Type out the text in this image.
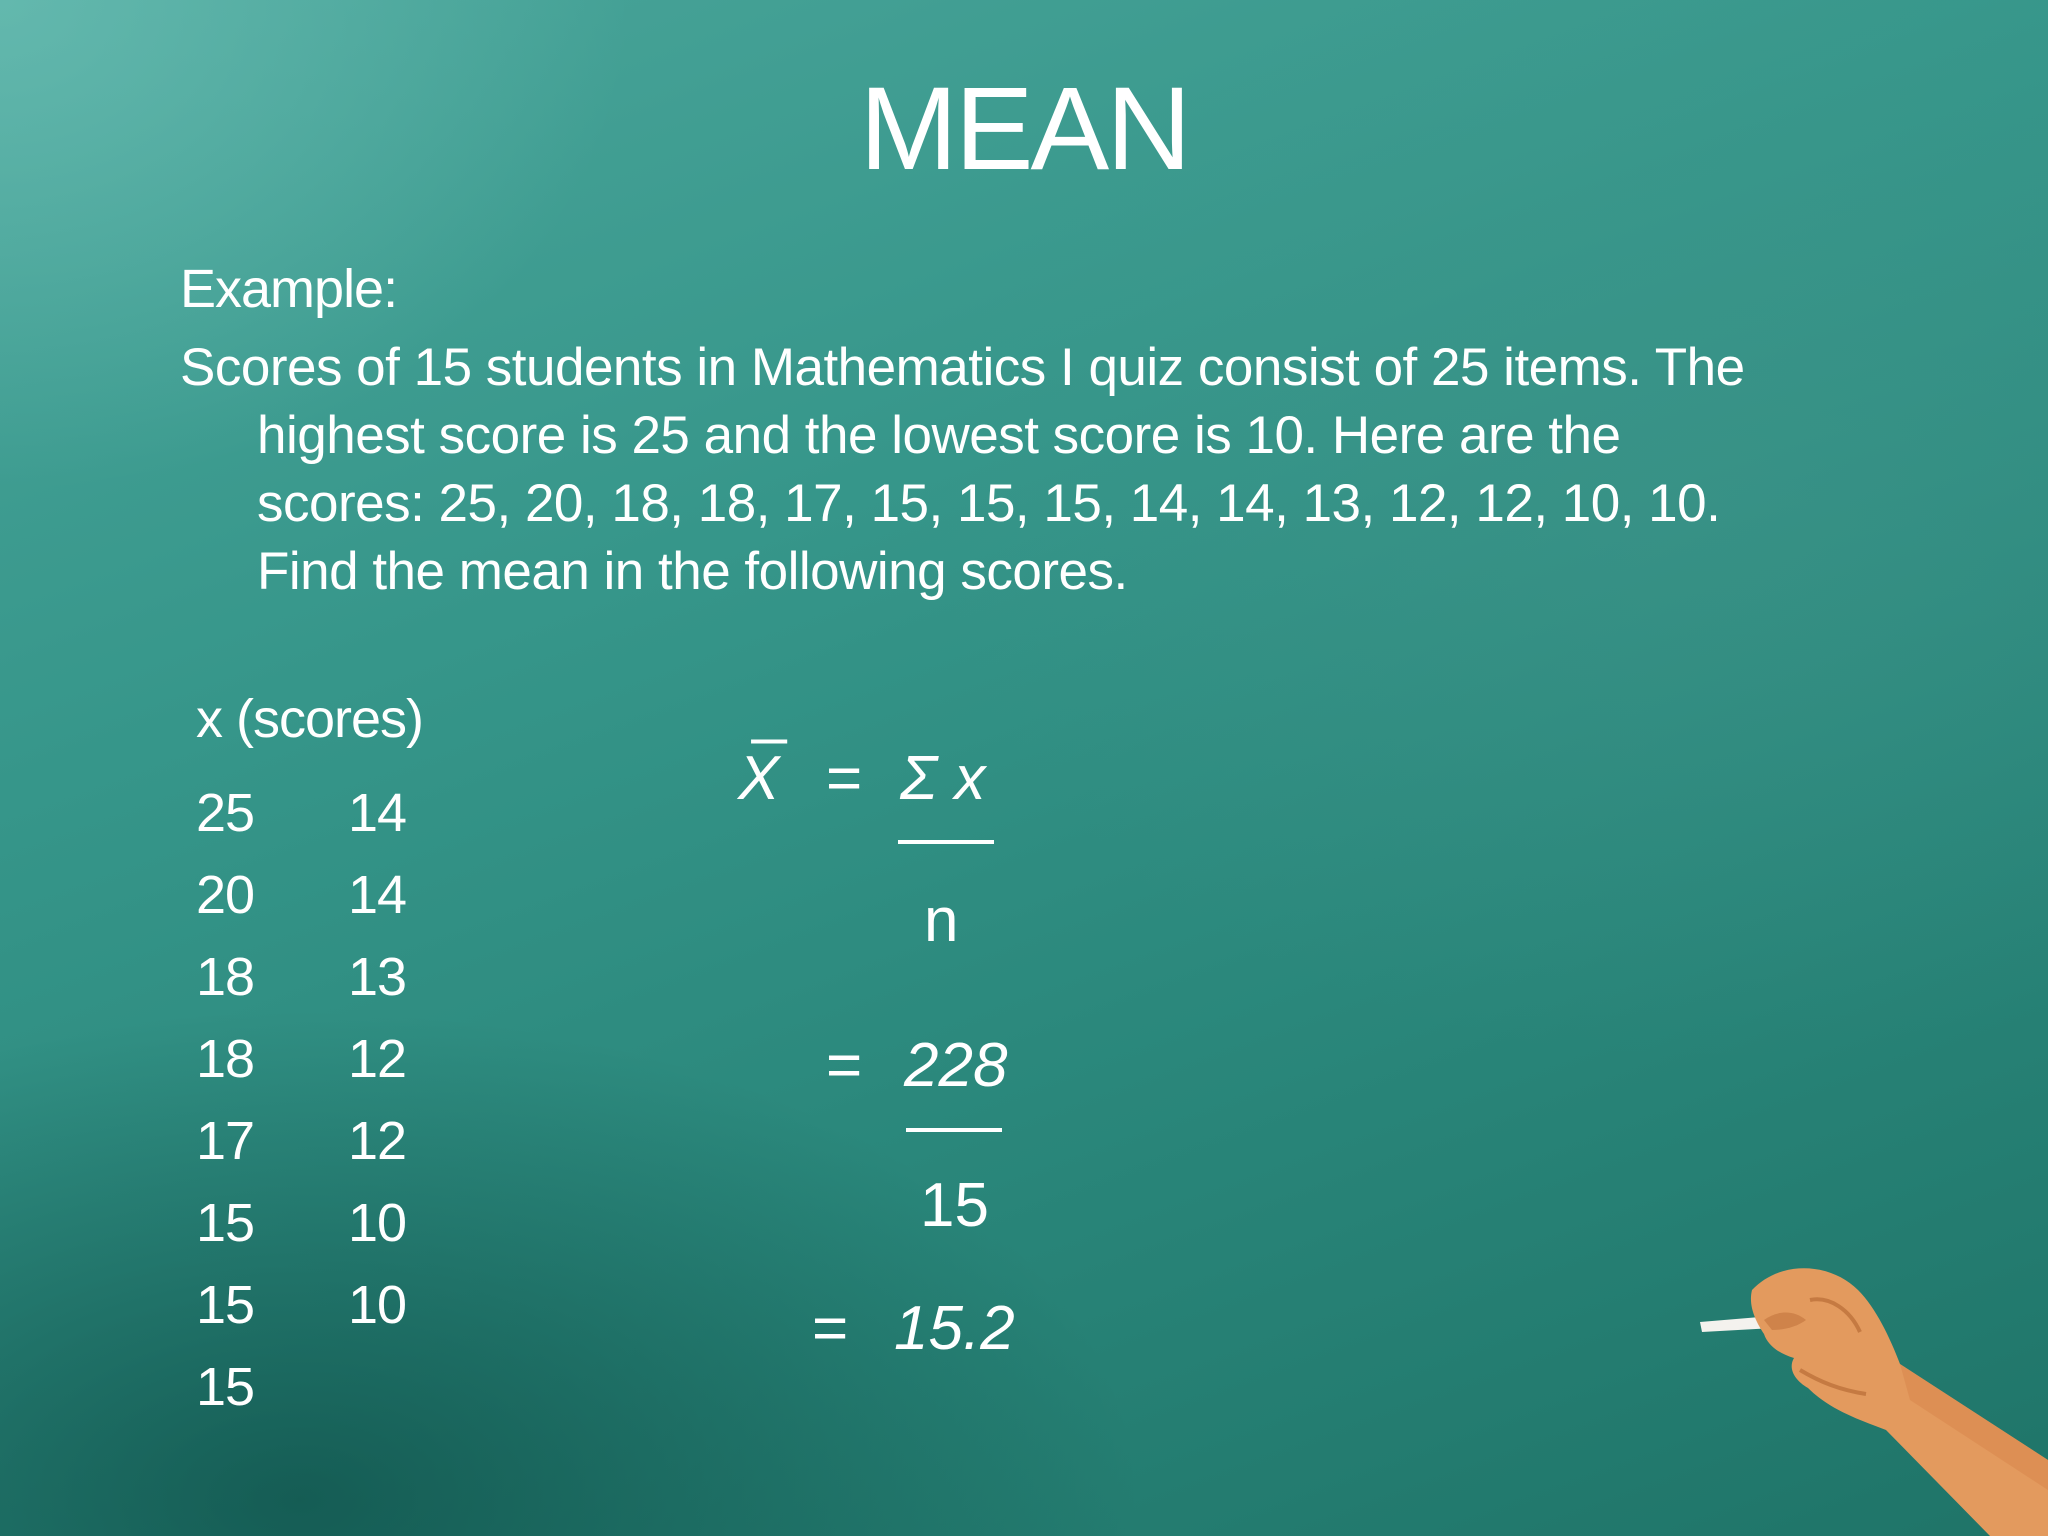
MEAN
Example:

Scores of 15 students in Mathematics I quiz consist of 25 items. The highest score is 25 and the lowest score is 10. Here are the scores: 25, 20, 18, 18, 17, 15, 15, 15, 14, 14, 13, 12, 12, 10, 10. Find the mean in the following scores.

x (scores)
25	14
20	14
18	13
18	12
17	12
15	10
15	10
15
_
X = Σ x
n
= 228
15
= 15.2
